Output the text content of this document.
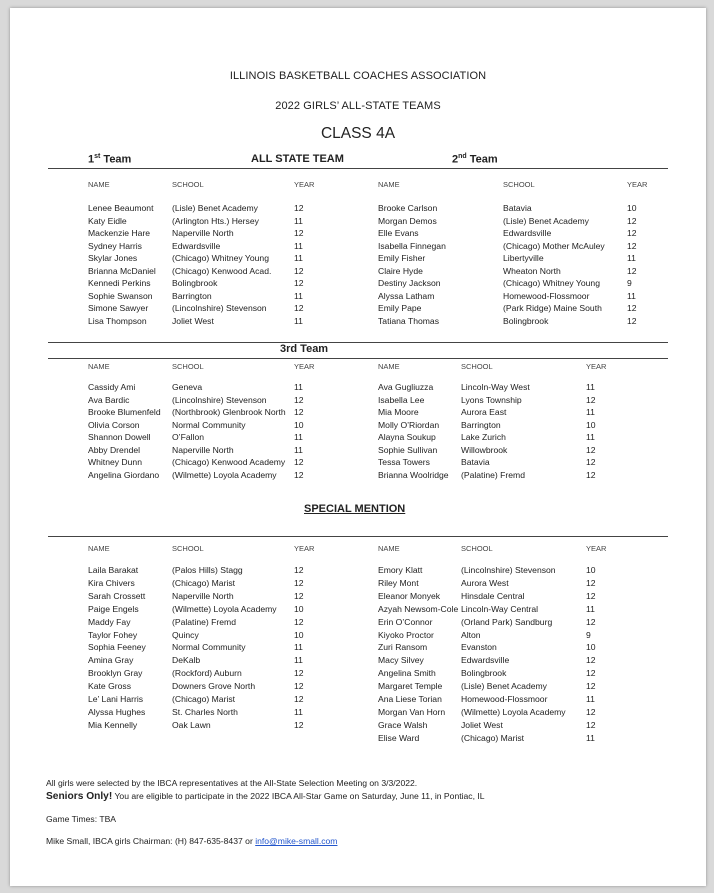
ILLINOIS BASKETBALL COACHES ASSOCIATION
2022 GIRLS’ ALL-STATE TEAMS
CLASS 4A
1st Team	ALL STATE TEAM	2nd Team
NAME	SCHOOL	YEAR	NAME	SCHOOL	YEAR
Lenee Beaumont (Lisle) Benet Academy	12
Katy Eidle	(Arlington Hts.) Hersey	11
Mackenzie Hare	Naperville North	12
Sydney Harris	Edwardsville	11
Skylar Jones	(Chicago) Whitney Young	11
Brianna McDaniel (Chicago) Kenwood Acad.	12
Kennedi Perkins Bolingbrook	12
Sophie Swanson Barrington	11
Simone Sawyer	(Lincolnshire) Stevenson	12
Lisa Thompson	Joliet West	11
Brooke Carlson	Batavia	10
Morgan Demos	(Lisle) Benet Academy	12
Elle Evans	Edwardsville	12
Isabella Finnegan	(Chicago) Mother McAuley	12
Emily Fisher	Libertyville	11
Claire Hyde	Wheaton North	12
Destiny Jackson	(Chicago) Whitney Young	9
Alyssa Latham	Homewood-Flossmoor	11
Emily Pape	(Park Ridge) Maine South	12
Tatiana Thomas	Bolingbrook	12
3rd Team
NAME	SCHOOL	YEAR	NAME	SCHOOL	YEAR
Cassidy Ami	Geneva	11
Ava Bardic	(Lincolnshire) Stevenson	12
Brooke Blumenfeld (Northbrook) Glenbrook North 12
Olivia Corson	Normal Community	10
Shannon Dowell O’Fallon	11
Abby Drendel	Naperville North	11
Whitney Dunn	(Chicago) Kenwood Academy 12
Angelina Giordano (Wilmette) Loyola Academy 12
Ava Gugliuzza	Lincoln-Way West	11
Isabella Lee	Lyons Township	12
Mia Moore	Aurora East	11
Molly O’Riordan	Barrington	10
Alayna Soukup	Lake Zurich	11
Sophie Sullivan	Willowbrook	12
Tessa Towers	Batavia	12
Brianna Woolridge (Palatine) Fremd	12
SPECIAL MENTION
NAME	SCHOOL	YEAR	NAME	SCHOOL	YEAR
Laila Barakat	(Palos Hills) Stagg	12
Kira Chivers	(Chicago) Marist	12
Sarah Crossett	Naperville North	12
Paige Engels	(Wilmette) Loyola Academy 10
Maddy Fay	(Palatine) Fremd	12
Taylor Fohey	Quincy	10
Sophia Feeney	Normal Community	11
Amina Gray	DeKalb	11
Brooklyn Gray	(Rockford) Auburn	12
Kate Gross	Downers Grove North	12
Le’ Lani Harris	(Chicago) Marist	12
Alyssa Hughes	St. Charles North	11
Mia Kennelly	Oak Lawn	12
Emory Klatt	(Lincolnshire) Stevenson	10
Riley Mont	Aurora West	12
Eleanor Monyek Hinsdale Central	12
Azyah Newsom-Cole Lincoln-Way Central	11
Erin O’Connor	(Orland Park) Sandburg	12
Kiyoko Proctor	Alton	9
Zuri Ransom	Evanston	10
Macy Silvey	Edwardsville	12
Angelina Smith	Bolingbrook	12
Margaret Temple (Lisle) Benet Academy	12
Ana Liese Torian Homewood-Flossmoor	11
Morgan Van Horn (Wilmette) Loyola Academy 12
Grace Walsh	Joliet West	12
Elise Ward	(Chicago) Marist	11
All girls were selected by the IBCA representatives at the All-State Selection Meeting on 3/3/2022.
Seniors Only! You are eligible to participate in the 2022 IBCA All-Star Game on Saturday, June 11, in Pontiac, IL
Game Times: TBA
Mike Small, IBCA girls Chairman: (H) 847-635-8437 or info@mike-small.com
